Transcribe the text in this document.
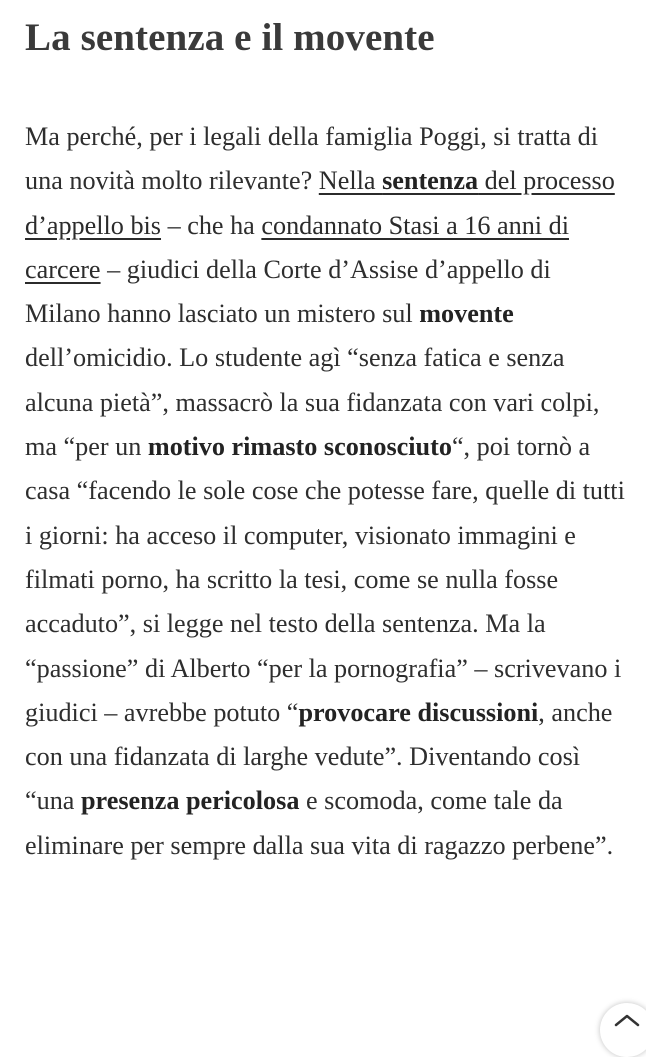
La sentenza e il movente

Ma perché, per i legali della famiglia Poggi, si tratta di una novità molto rilevante? Nella sentenza del processo d’appello bis – che ha condannato Stasi a 16 anni di carcere – giudici della Corte d’Assise d’appello di Milano hanno lasciato un mistero sul movente dell’omicidio. Lo studente agì “senza fatica e senza alcuna pietà”, massacrò la sua fidanzata con vari colpi, ma “per un motivo rimasto sconosciuto“, poi tornò a casa “facendo le sole cose che potesse fare, quelle di tutti i giorni: ha acceso il computer, visionato immagini e filmati porno, ha scritto la tesi, come se nulla fosse accaduto”, si legge nel testo della sentenza. Ma la “passione” di Alberto “per la pornografia” – scrivevano i giudici – avrebbe potuto “provocare discussioni, anche con una fidanzata di larghe vedute”. Diventando così “una presenza pericolosa e scomoda, come tale da eliminare per sempre dalla sua vita di ragazzo perbene”.
